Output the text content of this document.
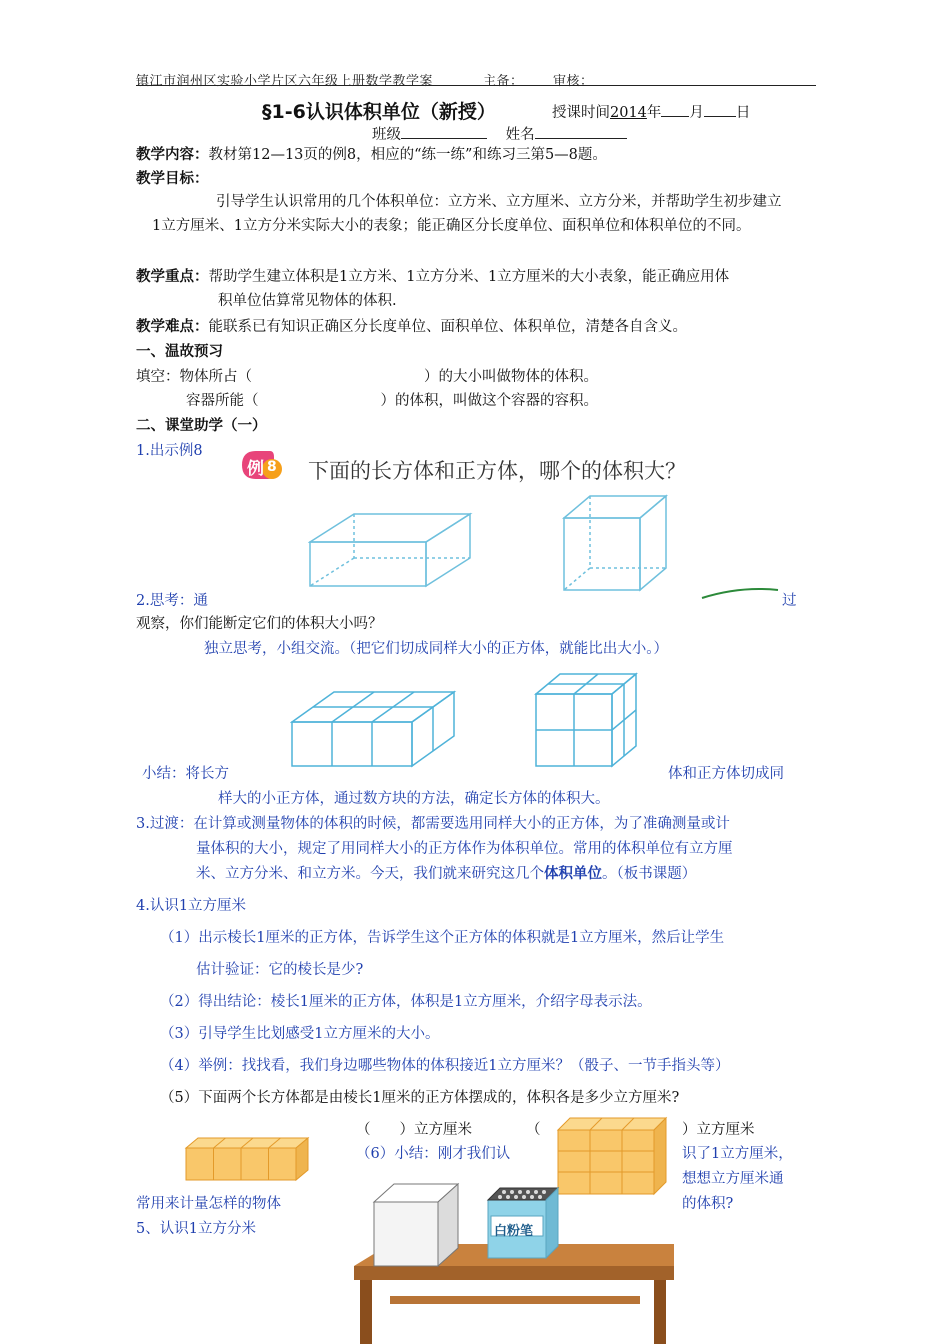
镇江市润州区实验小学片区六年级上册数学教学案	主备： 审核：
§1-6认识体积单位（新授）	授课时间2014年 月 日
班级	姓名
教学内容：教材第12—13页的例8，相应的“练一练”和练习三第5—8题。
教学目标：
引导学生认识常用的几个体积单位：立方米、立方厘米、立方分米，并帮助学生初步建立
1立方厘米、1立方分米实际大小的表象；能正确区分长度单位、面积单位和体积单位的不同。
教学重点：帮助学生建立体积是1立方米、1立方分米、1立方厘米的大小表象，能正确应用体
积单位估算常见物体的体积.
教学难点：能联系已有知识正确区分长度单位、面积单位、体积单位，清楚各自含义。
一、温故预习
填空：物体所占（	）的大小叫做物体的体积。
容器所能（	）的体积，叫做这个容器的容积。
二、课堂助学（一）
1.出示例8
例 8 下面的长方体和正方体，哪个的体积大？
2.思考：通	过
观察，你们能断定它们的体积大小吗？
独立思考，小组交流。（把它们切成同样大小的正方体，就能比出大小。）
小结：将长方	体和正方体切成同
样大的小正方体，通过数方块的方法，确定长方体的体积大。
3.过渡：在计算或测量物体的体积的时候，都需要选用同样大小的正方体，为了准确测量或计
量体积的大小，规定了用同样大小的正方体作为体积单位。常用的体积单位有立方厘
米、立方分米、和立方米。今天，我们就来研究这几个体积单位。（板书课题）
4.认识1立方厘米
（1）出示棱长1厘米的正方体，告诉学生这个正方体的体积就是1立方厘米，然后让学生
估计验证：它的棱长是少?
（2）得出结论：棱长1厘米的正方体，体积是1立方厘米，介绍字母表示法。
（3）引导学生比划感受1立方厘米的大小。
（4）举例：找找看，我们身边哪些物体的体积接近1立方厘米？（骰子、一节手指头等）
（5）下面两个长方体都是由棱长1厘米的正方体摆成的，体积各是多少立方厘米?
（　　）立方厘米	（	）立方厘米
（6）小结：刚才我们认	识了1立方厘米，
想想立方厘米通
的体积?
常用来计量怎样的物体
5、认识1立方分米	白粉笔
